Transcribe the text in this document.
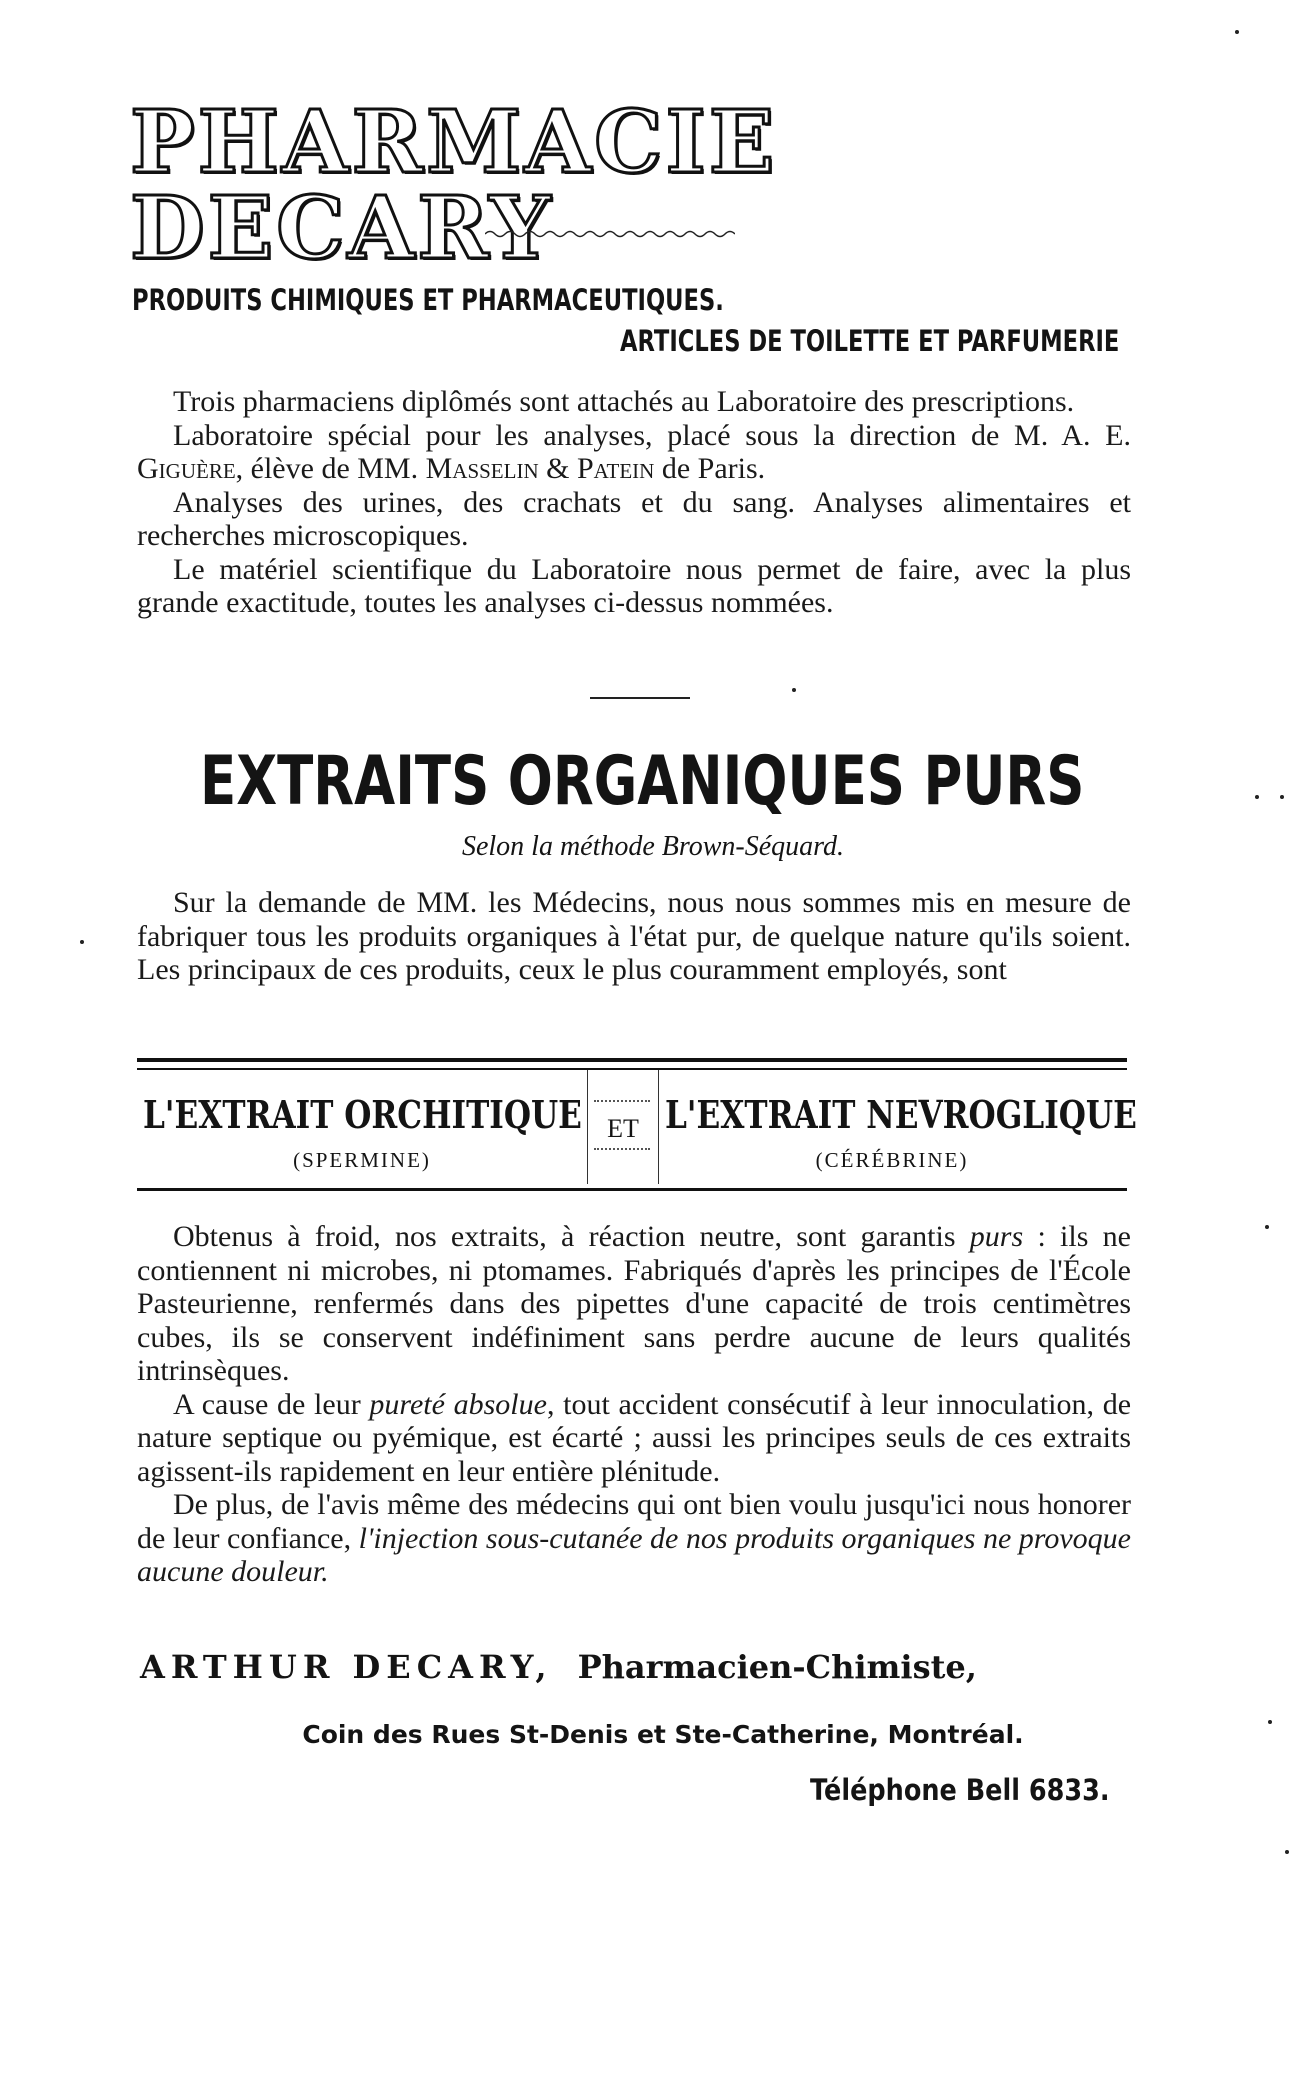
PHARMACIE DECARY
PRODUITS CHIMIQUES ET PHARMACEUTIQUES.
ARTICLES DE TOILETTE ET PARFUMERIE

Trois pharmaciens diplômés sont attachés au Laboratoire des prescriptions.

Laboratoire spécial pour les analyses, placé sous la direction de M. A. E. Giguère, élève de MM. Masselin & Patein de Paris.

Analyses des urines, des crachats et du sang. Analyses alimentaires et recherches microscopiques.

Le matériel scientifique du Laboratoire nous permet de faire, avec la plus grande exactitude, toutes les analyses ci-dessus nommées.

EXTRAITS ORGANIQUES PURS
Selon la méthode Brown-Séquard.

Sur la demande de MM. les Médecins, nous nous sommes mis en mesure de fabriquer tous les produits organiques à l'état pur, de quelque nature qu'ils soient. Les principaux de ces produits, ceux le plus couramment employés, sont

L'EXTRAIT ORCHITIQUE
(SPERMINE)
ET L'EXTRAIT NEVROGLIQUE
(CÉRÉBRINE)

Obtenus à froid, nos extraits, à réaction neutre, sont garantis purs : ils ne contiennent ni microbes, ni ptomames. Fabriqués d'après les principes de l'École Pasteurienne, renfermés dans des pipettes d'une capacité de trois centimètres cubes, ils se conservent indéfiniment sans perdre aucune de leurs qualités intrinsèques.

A cause de leur pureté absolue, tout accident consécutif à leur innoculation, de nature septique ou pyémique, est écarté ; aussi les principes seuls de ces extraits agissent-ils rapidement en leur entière plénitude.

De plus, de l'avis même des médecins qui ont bien voulu jusqu'ici nous honorer de leur confiance, l'injection sous-cutanée de nos produits organiques ne provoque aucune douleur.

ARTHUR DECARY, Pharmacien-Chimiste,
Coin des Rues St-Denis et Ste-Catherine, Montréal.
Téléphone Bell 6833.
